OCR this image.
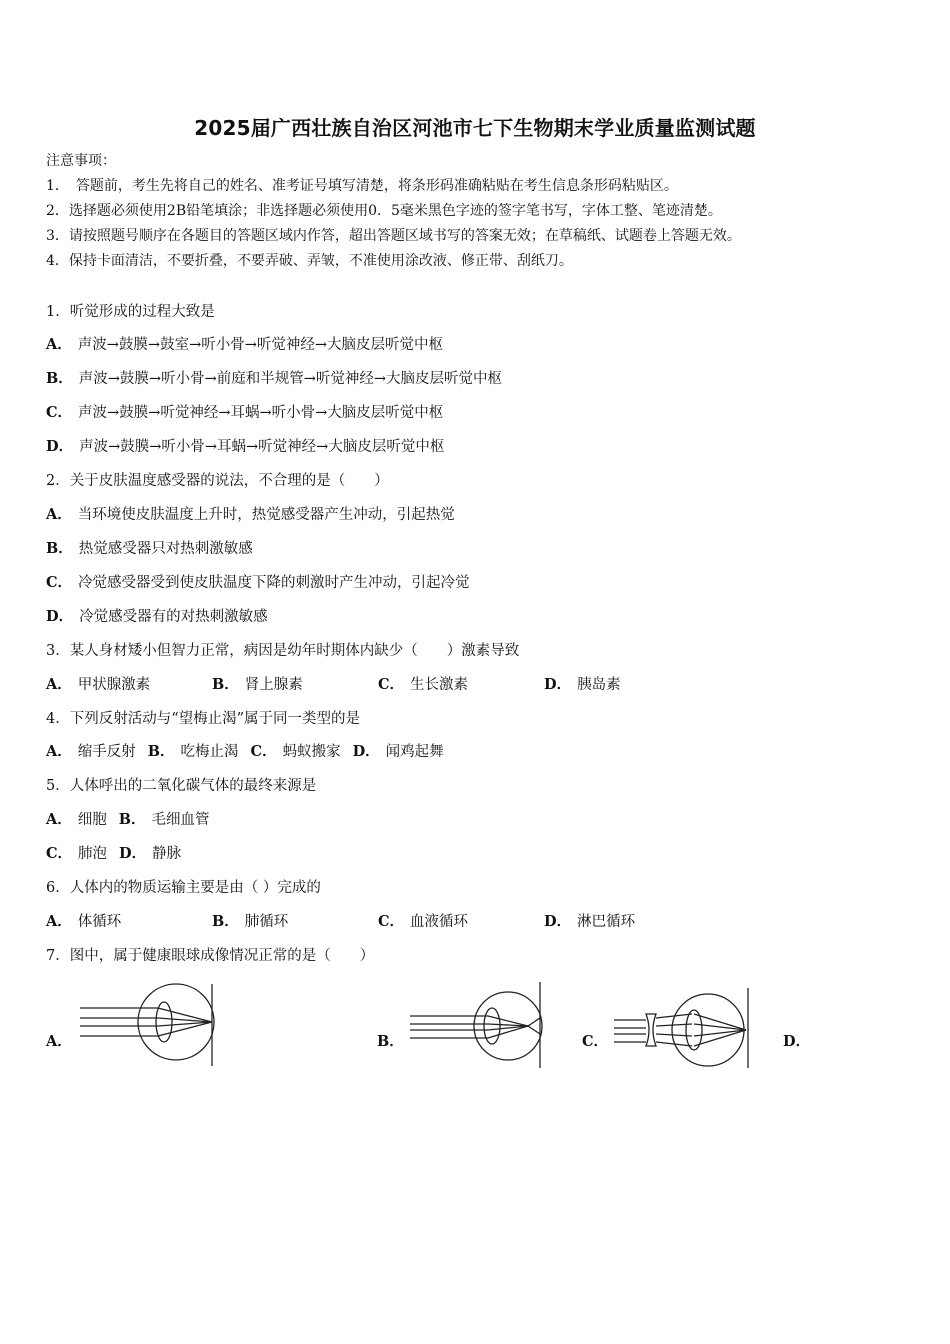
2025届广西壮族自治区河池市七下生物期末学业质量监测试题
注意事项：
1．　答题前，考生先将自己的姓名、准考证号填写清楚，将条形码准确粘贴在考生信息条形码粘贴区。
2．选择题必须使用2B铅笔填涂；非选择题必须使用0．5毫米黑色字迹的签字笔书写，字体工整、笔迹清楚。
3．请按照题号顺序在各题目的答题区域内作答，超出答题区域书写的答案无效；在草稿纸、试题卷上答题无效。
4．保持卡面清洁，不要折叠，不要弄破、弄皱，不准使用涂改液、修正带、刮纸刀。
1．听觉形成的过程大致是
A． 声波→鼓膜→鼓室→听小骨→听觉神经→大脑皮层听觉中枢
B． 声波→鼓膜→听小骨→前庭和半规管→听觉神经→大脑皮层听觉中枢
C． 声波→鼓膜→听觉神经→耳蜗→听小骨→大脑皮层听觉中枢
D． 声波→鼓膜→听小骨→耳蜗→听觉神经→大脑皮层听觉中枢
2．关于皮肤温度感受器的说法，不合理的是（　　）
A． 当环境使皮肤温度上升时，热觉感受器产生冲动，引起热觉
B． 热觉感受器只对热刺激敏感
C． 冷觉感受器受到使皮肤温度下降的刺激时产生冲动，引起冷觉
D． 冷觉感受器有的对热刺激敏感
3．某人身材矮小但智力正常，病因是幼年时期体内缺少（　　）激素导致
A． 甲状腺激素	B． 肾上腺素	C． 生长激素	D． 胰岛素
4．下列反射活动与“望梅止渴”属于同一类型的是
A． 缩手反射 B． 吃梅止渴 C． 蚂蚁搬家 D． 闻鸡起舞
5．人体呼出的二氧化碳气体的最终来源是
A． 细胞 B． 毛细血管
C． 肺泡 D． 静脉
6．人体内的物质运输主要是由（ ）完成的
A． 体循环	B． 肺循环	C． 血液循环	D． 淋巴循环
7．图中，属于健康眼球成像情况正常的是（　　）
A．	B．	C．	D．
